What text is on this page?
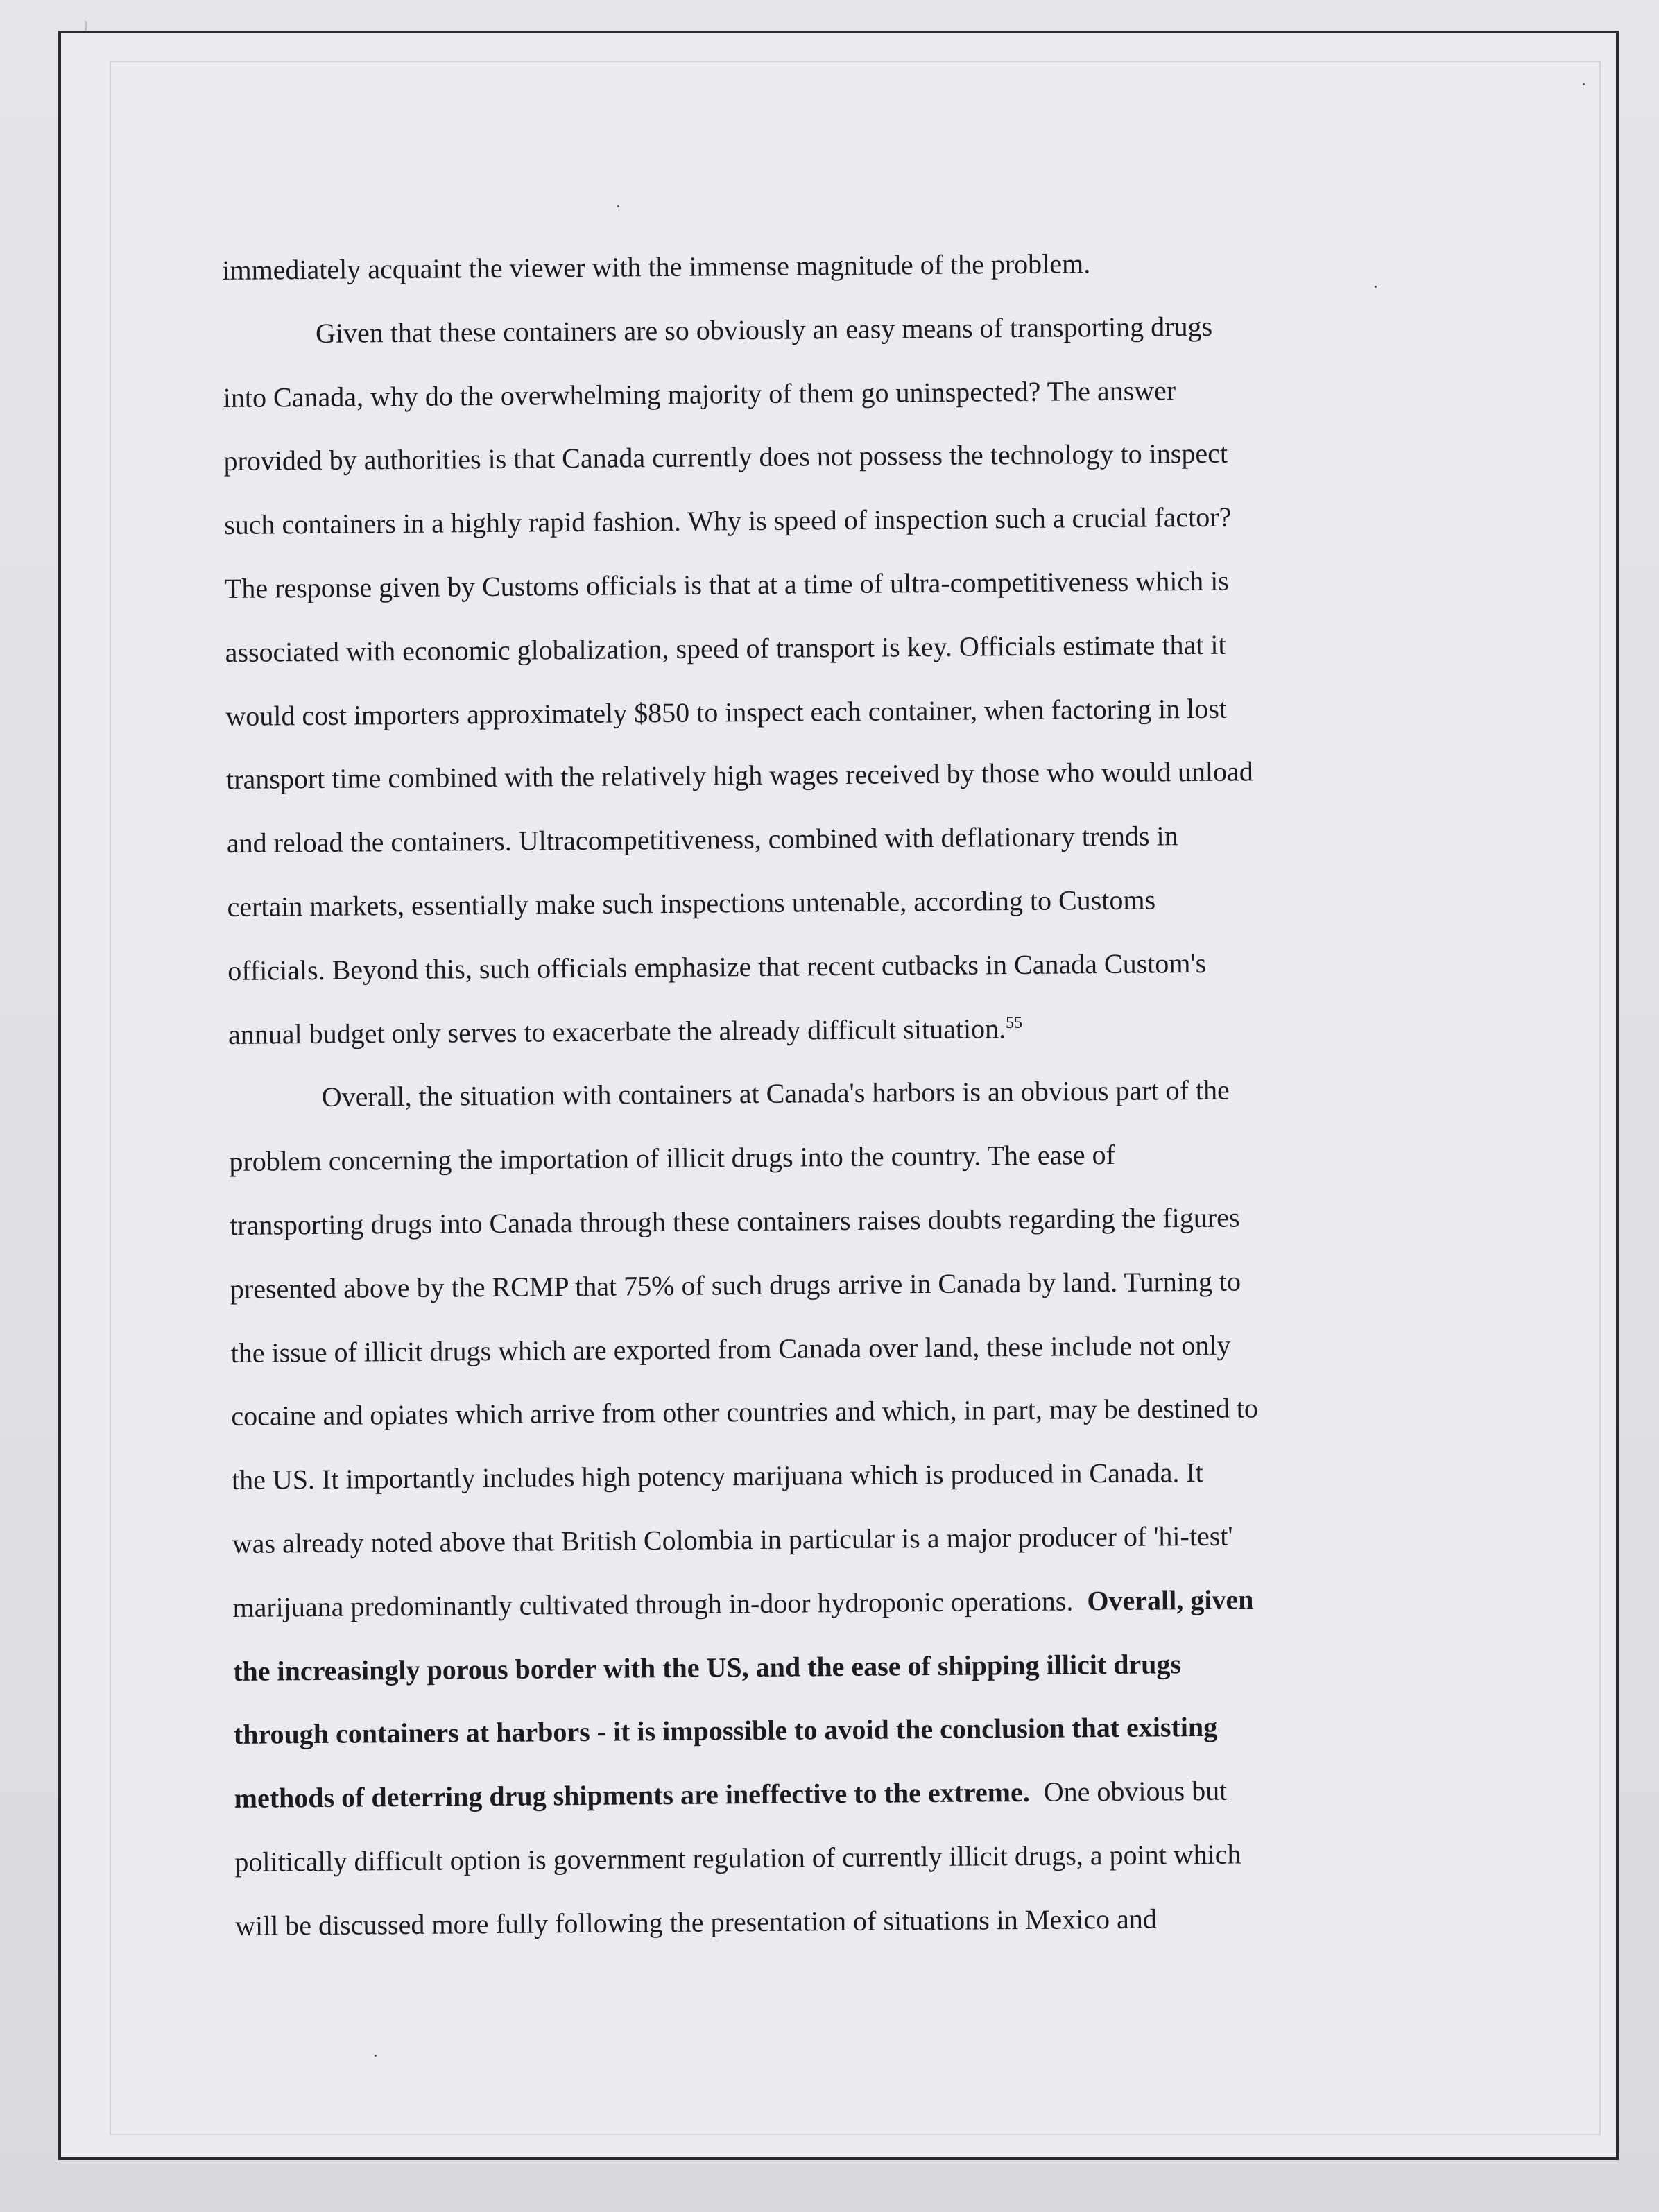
immediately acquaint the viewer with the immense magnitude of the problem.
Given that these containers are so obviously an easy means of transporting drugs
into Canada, why do the overwhelming majority of them go uninspected? The answer
provided by authorities is that Canada currently does not possess the technology to inspect
such containers in a highly rapid fashion. Why is speed of inspection such a crucial factor?
The response given by Customs officials is that at a time of ultra-competitiveness which is
associated with economic globalization, speed of transport is key. Officials estimate that it
would cost importers approximately $850 to inspect each container, when factoring in lost
transport time combined with the relatively high wages received by those who would unload
and reload the containers. Ultracompetitiveness, combined with deflationary trends in
certain markets, essentially make such inspections untenable, according to Customs
officials. Beyond this, such officials emphasize that recent cutbacks in Canada Custom's
annual budget only serves to exacerbate the already difficult situation.$^{55}$
Overall, the situation with containers at Canada's harbors is an obvious part of the
problem concerning the importation of illicit drugs into the country. The ease of
transporting drugs into Canada through these containers raises doubts regarding the figures
presented above by the RCMP that 75% of such drugs arrive in Canada by land. Turning to
the issue of illicit drugs which are exported from Canada over land, these include not only
cocaine and opiates which arrive from other countries and which, in part, may be destined to
the US. It importantly includes high potency marijuana which is produced in Canada. It
was already noted above that British Colombia in particular is a major producer of 'hi-test'
marijuana predominantly cultivated through in-door hydroponic operations. Overall, given
the increasingly porous border with the US, and the ease of shipping illicit drugs
through containers at harbors - it is impossible to avoid the conclusion that existing
methods of deterring drug shipments are ineffective to the extreme. One obvious but
politically difficult option is government regulation of currently illicit drugs, a point which
will be discussed more fully following the presentation of situations in Mexico and
